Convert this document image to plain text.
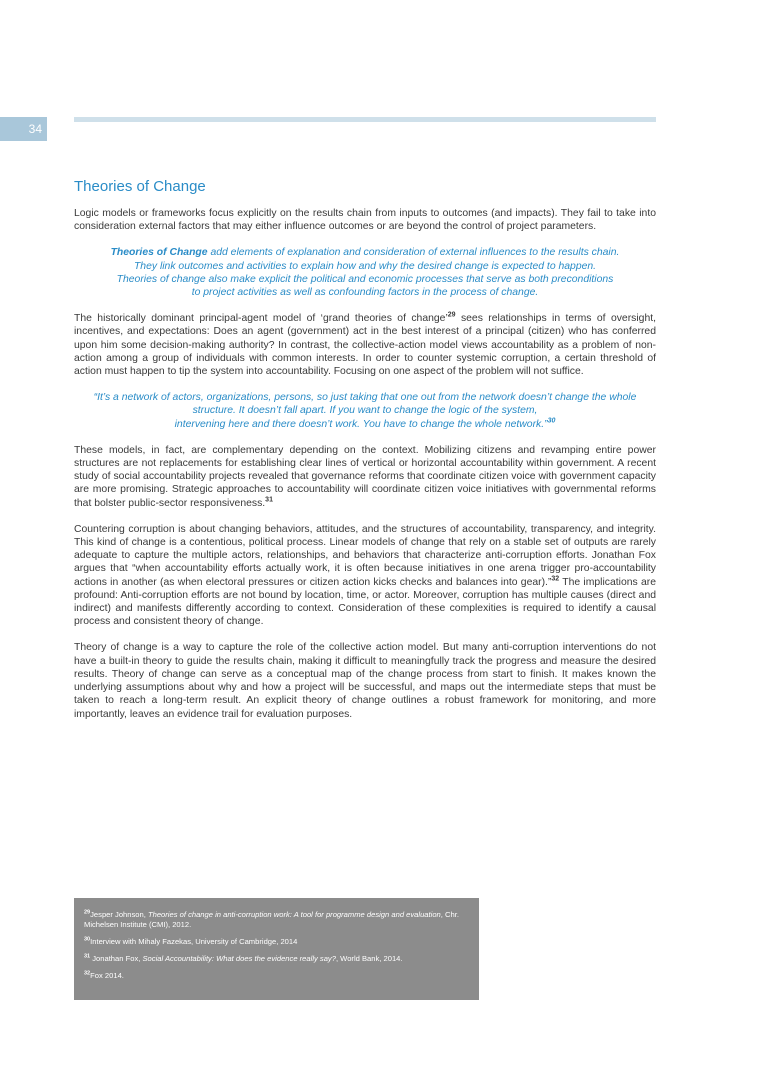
34
Theories of Change

Logic models or frameworks focus explicitly on the results chain from inputs to outcomes (and impacts). They fail to take into consideration external factors that may either influence outcomes or are beyond the control of project parameters.

Theories of Change add elements of explanation and consideration of external influences to the results chain.
They link outcomes and activities to explain how and why the desired change is expected to happen.
Theories of change also make explicit the political and economic processes that serve as both preconditions
to project activities as well as confounding factors in the process of change.

The historically dominant principal-agent model of ‘grand theories of change’$^{29}$ sees relationships in terms of oversight, incentives, and expectations: Does an agent (government) act in the best interest of a principal (citizen) who has conferred upon him some decision-making authority? In contrast, the collective-action model views accountability as a problem of non-action among a group of individuals with common interests. In order to counter systemic corruption, a certain threshold of action must happen to tip the system into accountability. Focusing on one aspect of the problem will not suffice.

“It’s a network of actors, organizations, persons, so just taking that one out from the network doesn’t change the whole
structure. It doesn’t fall apart. If you want to change the logic of the system,
intervening here and there doesn’t work. You have to change the whole network.”$^{30}$

These models, in fact, are complementary depending on the context. Mobilizing citizens and revamping entire power structures are not replacements for establishing clear lines of vertical or horizontal accountability within government. A recent study of social accountability projects revealed that governance reforms that coordinate citizen voice with government capacity are more promising. Strategic approaches to accountability will coordinate citizen voice initiatives with governmental reforms that bolster public-sector responsiveness.$^{31}$

Countering corruption is about changing behaviors, attitudes, and the structures of accountability, transparency, and integrity. This kind of change is a contentious, political process. Linear models of change that rely on a stable set of outputs are rarely adequate to capture the multiple actors, relationships, and behaviors that characterize anti-corruption efforts. Jonathan Fox argues that “when accountability efforts actually work, it is often because initiatives in one arena trigger pro-accountability actions in another (as when electoral pressures or citizen action kicks checks and balances into gear).”$^{32}$ The implications are profound: Anti-corruption efforts are not bound by location, time, or actor. Moreover, corruption has multiple causes (direct and indirect) and manifests differently according to context. Consideration of these complexities is required to identify a causal process and consistent theory of change.

Theory of change is a way to capture the role of the collective action model. But many anti-corruption interventions do not have a built-in theory to guide the results chain, making it difficult to meaningfully track the progress and measure the desired results. Theory of change can serve as a conceptual map of the change process from start to finish. It makes known the underlying assumptions about why and how a project will be successful, and maps out the intermediate steps that must be taken to reach a long-term result. An explicit theory of change outlines a robust framework for monitoring, and more importantly, leaves an evidence trail for evaluation purposes.

$^{29}$Jesper Johnson, Theories of change in anti-corruption work: A tool for programme design and evaluation, Chr. Michelsen Institute (CMI), 2012.

$^{30}$Interview with Mihaly Fazekas, University of Cambridge, 2014

$^{31}$ Jonathan Fox, Social Accountability: What does the evidence really say?, World Bank, 2014.

$^{32}$Fox 2014.
